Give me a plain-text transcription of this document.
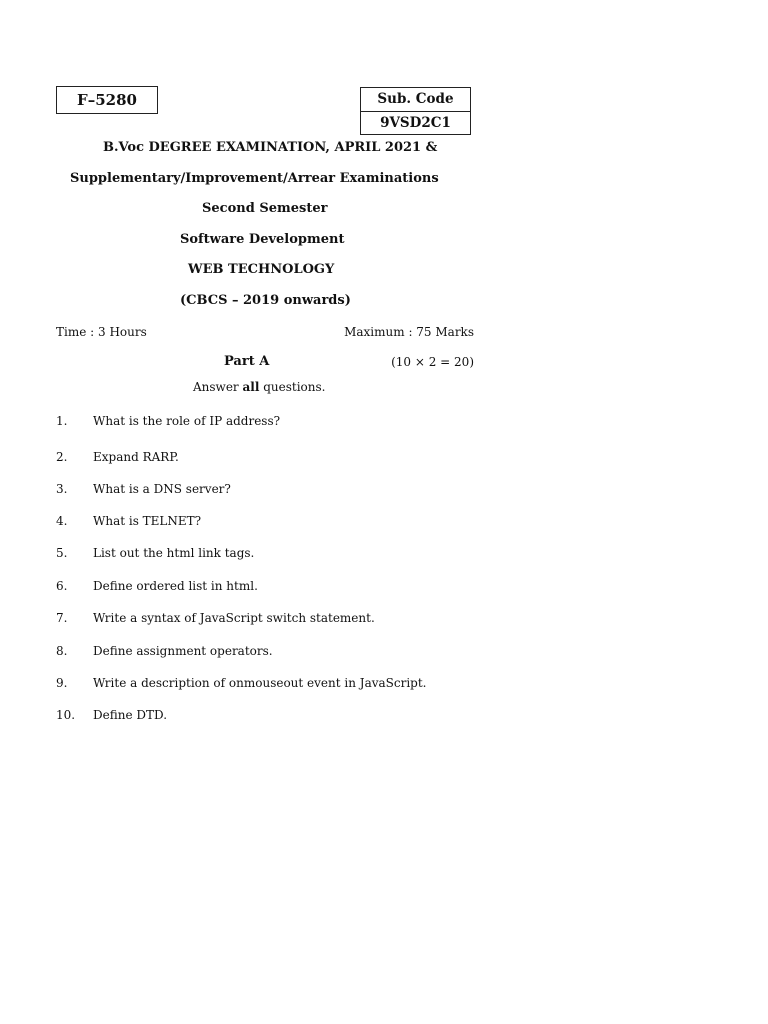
F–5280	Sub. Code
9VSD2C1
B.Voc DEGREE EXAMINATION, APRIL 2021 &
Supplementary/Improvement/Arrear Examinations
Second Semester
Software Development
WEB TECHNOLOGY
(CBCS – 2019 onwards)
Time : 3 Hours	Maximum : 75 Marks
Part A	(10 × 2 = 20)
Answer all questions.
1. What is the role of IP address?
2. Expand RARP.
3. What is a DNS server?
4. What is TELNET?
5. List out the html link tags.
6. Define ordered list in html.
7. Write a syntax of JavaScript switch statement.
8. Define assignment operators.
9. Write a description of onmouseout event in JavaScript.
10. Define DTD.
